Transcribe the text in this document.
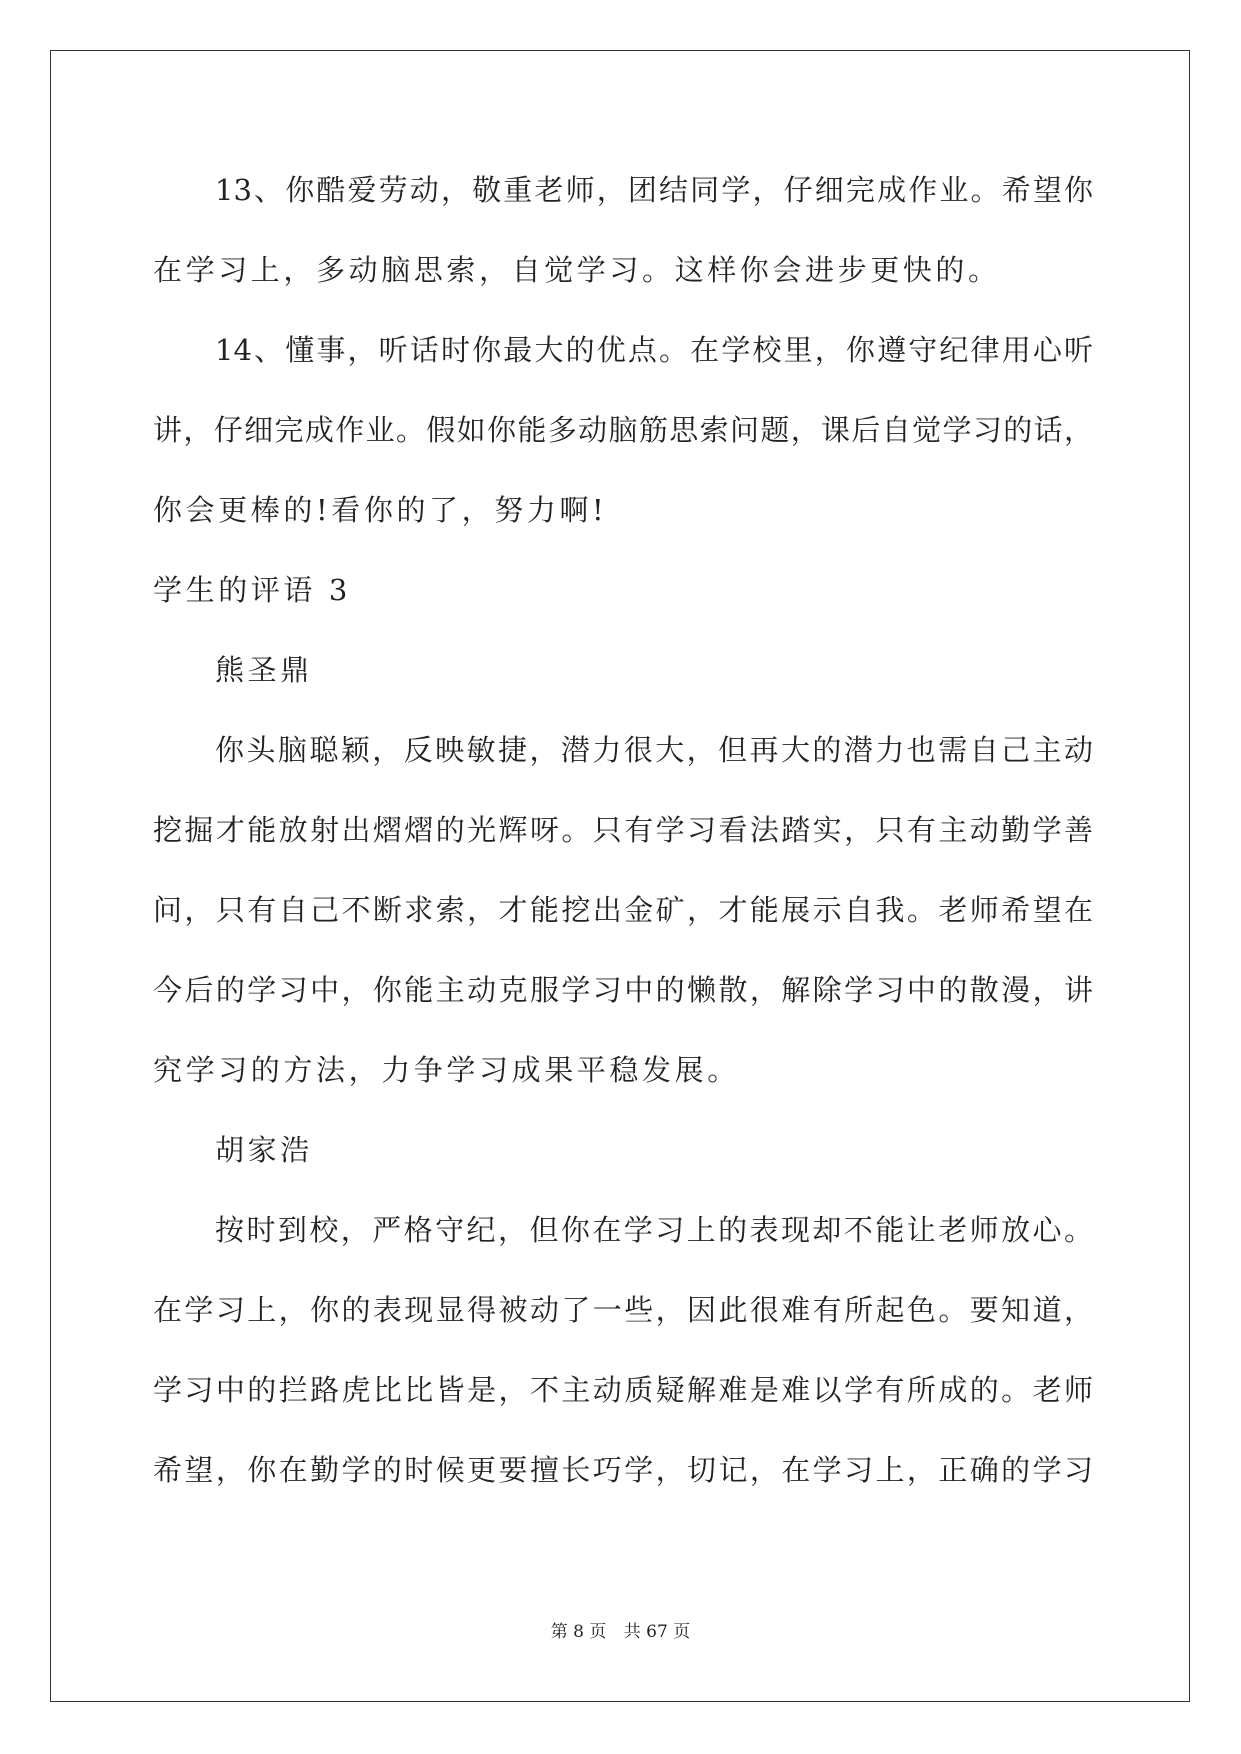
13、你酷爱劳动，敬重老师，团结同学，仔细完成作业。希望你
在学习上，多动脑思索，自觉学习。这样你会进步更快的。
14、懂事，听话时你最大的优点。在学校里，你遵守纪律用心听
讲，仔细完成作业。假如你能多动脑筋思索问题，课后自觉学习的话，
你会更棒的!看你的了，努力啊!
学生的评语 3
熊圣鼎
你头脑聪颖，反映敏捷，潜力很大，但再大的潜力也需自己主动
挖掘才能放射出熠熠的光辉呀。只有学习看法踏实，只有主动勤学善
问，只有自己不断求索，才能挖出金矿，才能展示自我。老师希望在
今后的学习中，你能主动克服学习中的懒散，解除学习中的散漫，讲
究学习的方法，力争学习成果平稳发展。
胡家浩
按时到校，严格守纪，但你在学习上的表现却不能让老师放心。
在学习上，你的表现显得被动了一些，因此很难有所起色。要知道，
学习中的拦路虎比比皆是，不主动质疑解难是难以学有所成的。老师
希望，你在勤学的时候更要擅长巧学，切记，在学习上，正确的学习
第 8 页 共 67 页
